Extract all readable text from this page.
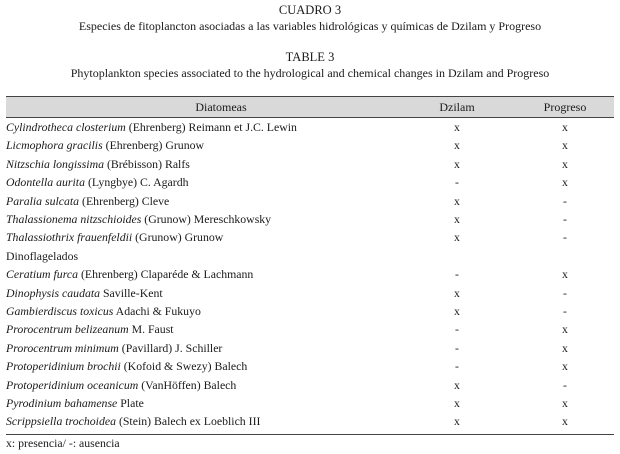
CUADRO 3
Especies de fitoplancton asociadas a las variables hidrológicas y químicas de Dzilam y Progreso
TABLE 3
Phytoplankton species associated to the hydrological and chemical changes in Dzilam and Progreso
Diatomeas	Dzilam	Progreso
Cylindrotheca closterium (Ehrenberg) Reimann et J.C. Lewin	x	x
Licmophora gracilis (Ehrenberg) Grunow	x	x
Nitzschia longissima (Brébisson) Ralfs	x	x
Odontella aurita (Lyngbye) C. Agardh	-	x
Paralia sulcata (Ehrenberg) Cleve	x	-
Thalassionema nitzschioides (Grunow) Mereschkowsky	x	-
Thalassiothrix frauenfeldii (Grunow) Grunow	x	-
Dinoflagelados
Ceratium furca (Ehrenberg) Claparéde & Lachmann	-	x
Dinophysis caudata Saville-Kent	x	-
Gambierdiscus toxicus Adachi & Fukuyo	x	-
Prorocentrum belizeanum M. Faust	-	x
Prorocentrum minimum (Pavillard) J. Schiller	-	x
Protoperidinium brochii (Kofoid & Swezy) Balech	-	x
Protoperidinium oceanicum (VanHöffen) Balech	x	-
Pyrodinium bahamense Plate	x	x
Scrippsiella trochoidea (Stein) Balech ex Loeblich III	x	x
x: presencia/ -: ausencia
